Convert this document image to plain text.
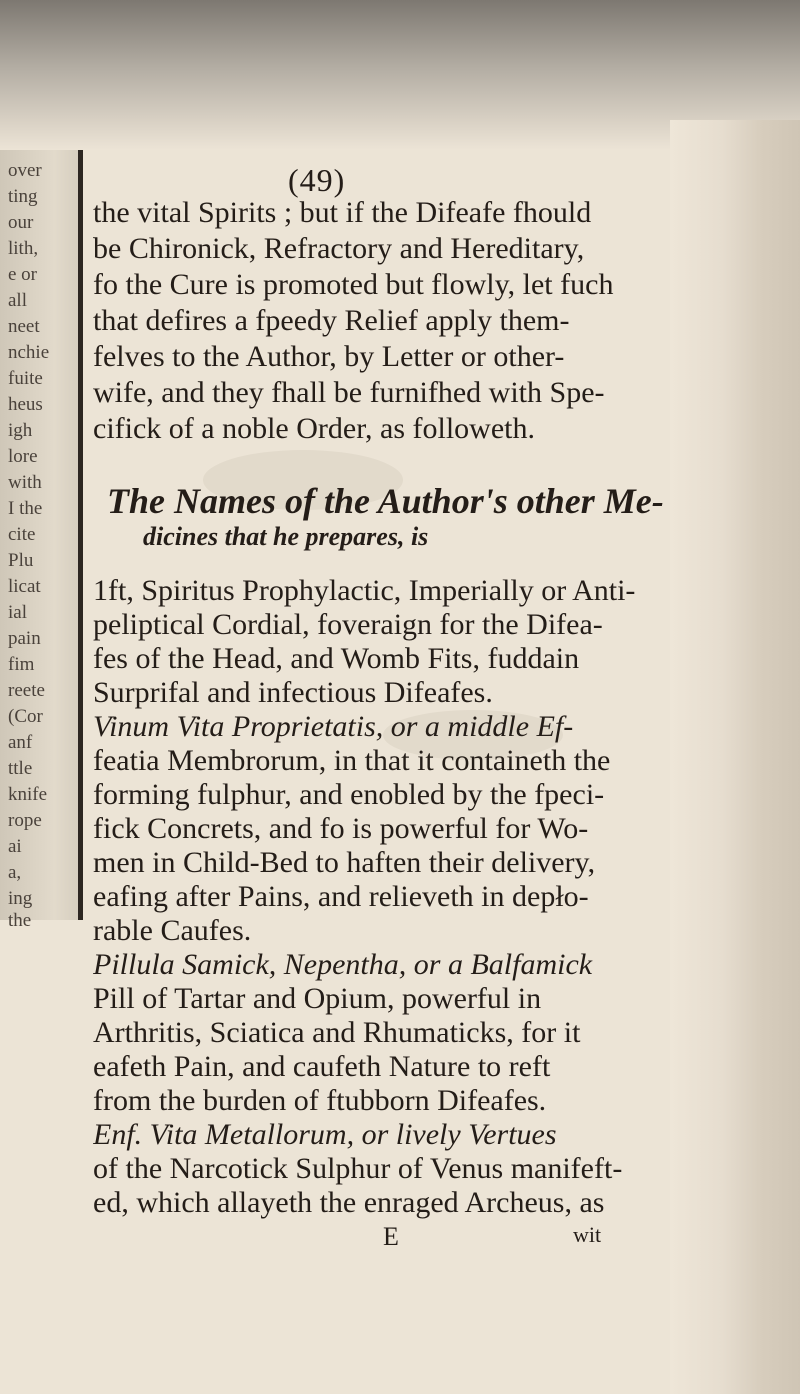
over
ting
our
lith,
e or
all
neet
nchie
fuite
heus
igh
lore
with
I the
cite
Plu
licat
ial
pain
fim
reete
(Cor
anf
ttle
knife
rope
ai
a,
ing
the
(49)
the vital Spirits ; but if the Difeafe fhould
be Chironick, Refractory and Hereditary,
fo the Cure is promoted but flowly, let fuch
that defires a fpeedy Relief apply them-
felves to the Author, by Letter or other-
wife, and they fhall be furnifhed with Spe-
cifick of a noble Order, as followeth.
The Names of the Author's other Me-
dicines that he prepares, is
1ft, Spiritus Prophylactic, Imperially or Anti-
peliptical Cordial, foveraign for the Difea-
fes of the Head, and Womb Fits, fuddain
Surprifal and infectious Difeafes.
Vinum Vita Proprietatis, or a middle Ef-
featia Membrorum, in that it containeth the
forming fulphur, and enobled by the fpeci-
fick Concrets, and fo is powerful for Wo-
men in Child-Bed to haften their delivery,
eafing after Pains, and relieveth in depło-
rable Caufes.
Pillula Samick, Nepentha, or a Balfamick
Pill of Tartar and Opium, powerful in
Arthritis, Sciatica and Rhumaticks, for it
eafeth Pain, and caufeth Nature to reft
from the burden of ftubborn Difeafes.
Enf. Vita Metallorum, or lively Vertues
of the Narcotick Sulphur of Venus manifeft-
ed, which allayeth the enraged Archeus, as
E	wit
